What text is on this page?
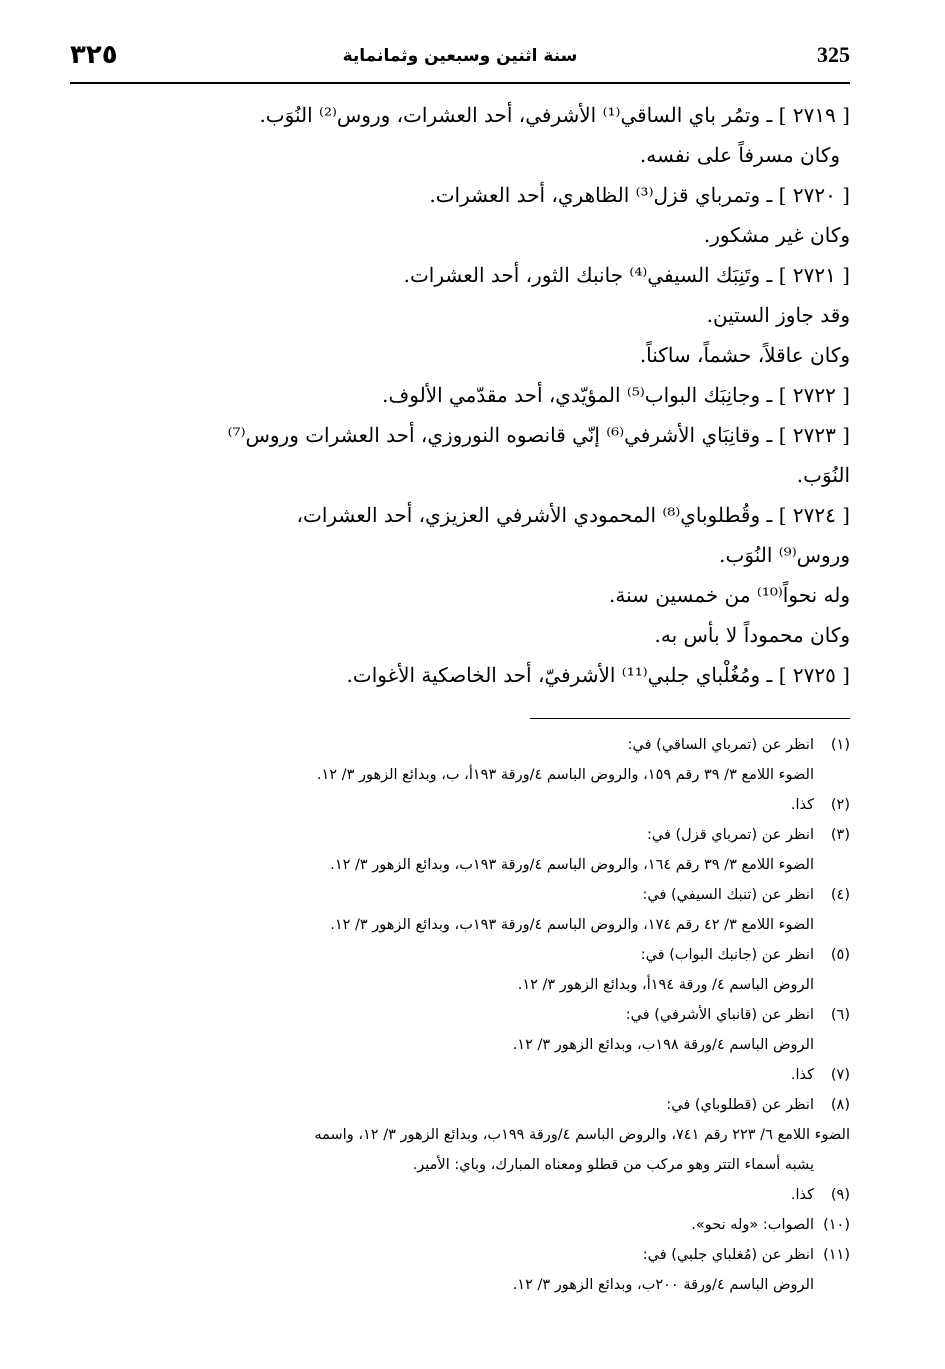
325
سنة اثنين وسبعين وثمانماية
٣٢٥
[ ٢٧١٩ ] ـ وتمُر باي الساقي⁽¹⁾ الأشرفي، أحد العشرات، وروس⁽²⁾ النُوَب.
وكان مسرفاً على نفسه.
[ ٢٧٢٠ ] ـ وتمرباي قزل⁽³⁾ الظاهري، أحد العشرات.
وكان غير مشكور.
[ ٢٧٢١ ] ـ وتَنِبَك السيفي⁽⁴⁾ جانبك الثور، أحد العشرات.
وقد جاوز الستين.
وكان عاقلاً، حشماً، ساكناً.
[ ٢٧٢٢ ] ـ وجانِبَك البواب⁽⁵⁾ المؤيّدي، أحد مقدّمي الألوف.
[ ٢٧٢٣ ] ـ وقانِبَاي الأشرفي⁽⁶⁾ إنّي قانصوه النوروزي، أحد العشرات وروس⁽⁷⁾
النُوَب.
[ ٢٧٢٤ ] ـ وقُطلوباي⁽⁸⁾ المحمودي الأشرفي العزيزي، أحد العشرات،
وروس⁽⁹⁾ النُوَب.
وله نحواً⁽¹⁰⁾ من خمسين سنة.
وكان محموداً لا بأس به.
[ ٢٧٢٥ ] ـ ومُغُلْباي جلبي⁽¹¹⁾ الأشرفيّ، أحد الخاصكية الأغوات.
(١)انظر عن (تمرباي الساقي) في:
الضوء اللامع ٣/ ٣٩ رقم ١٥٩، والروض الباسم ٤/ورقة ١٩٣أ، ب، وبدائع الزهور ٣/ ١٢.
(٢)كذا.
(٣)انظر عن (تمرباي قزل) في:
الضوء اللامع ٣/ ٣٩ رقم ١٦٤، والروض الباسم ٤/ورقة ١٩٣ب، وبدائع الزهور ٣/ ١٢.
(٤)انظر عن (تنبك السيفي) في:
الضوء اللامع ٣/ ٤٢ رقم ١٧٤، والروض الباسم ٤/ورقة ١٩٣ب، وبدائع الزهور ٣/ ١٢.
(٥)انظر عن (جانبك البواب) في:
الروض الباسم ٤/ ورقة ١٩٤أ، وبدائع الزهور ٣/ ١٢.
(٦)انظر عن (قانباي الأشرفي) في:
الروض الباسم ٤/ورقة ١٩٨ب، وبدائع الزهور ٣/ ١٢.
(٧)كذا.
(٨)انظر عن (قطلوباي) في:
الضوء اللامع ٦/ ٢٢٣ رقم ٧٤١، والروض الباسم ٤/ورقة ١٩٩ب، وبدائع الزهور ٣/ ١٢، واسمه
يشبه أسماء التتر وهو مركب من قطلو ومعناه المبارك، وباي: الأمير.
(٩)كذا.
(١٠)الصواب: «وله نحو».
(١١)انظر عن (مُغلباي جلبي) في:
الروض الباسم ٤/ورقة ٢٠٠ب، وبدائع الزهور ٣/ ١٢.
